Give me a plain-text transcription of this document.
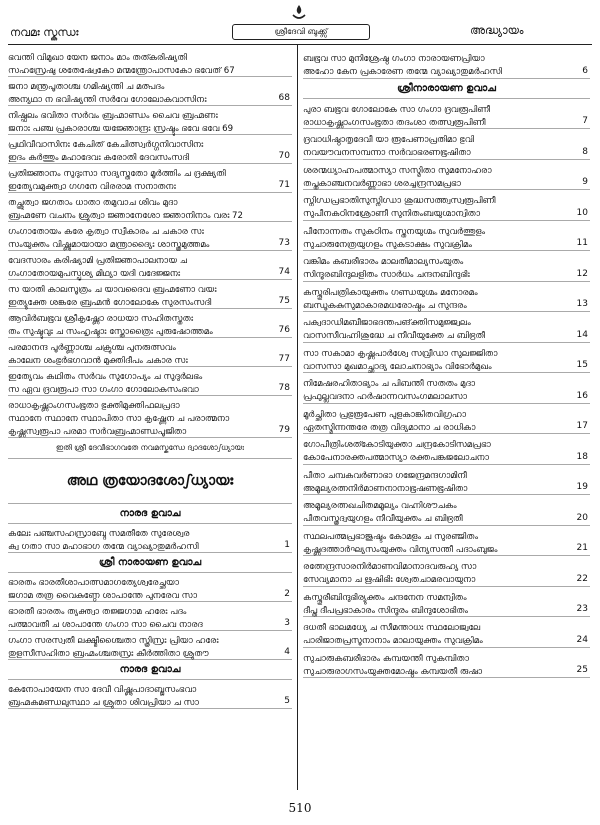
നവമഃ സ്കന്ധഃ	ശ്രീദേവി ബുക്ക്സ്	അദ്ധ്യായം
ഭവന്തി വിമുഖാ യേന ജനാം മാം തത്കരിഷ്യതി
സഹസ്രേഷു ശതേഷ്വേകോ മന്മന്ത്രോപാസകോ ഭവേത് 67
ജനാ മന്ത്രപൂതാശ്ച ഗമിഷ്യന്തി ച മത്പദം
അന്യഥാ ന ഭവിഷ്യന്തി സർവേ ഗോലോകവാസിനഃ	68
നിഷ്ഫലം ഭവിതാ സർവം ബ്രഹ്മാണ്ഡം ചൈവ ബ്രഹ്മണഃ
ജനാഃ പഞ്ച പ്രകാരാശ്ച യജ്ഞോന്ദ്രഃ സ്രഷ്ടും ഭവേ ഭവേ 69
പ്രഥിവീവാസിനഃ കേചിത് കേചിത്സ്വർഗ്ഗനിവാസിനഃ
ഇദം കർത്തും മഹാദേവഃ കരോതി ദേവസംസദി	70
പ്രതിജ്ഞാനം സുദുഃസാ സദ്യസ്തതോ മൂർത്തിം ച ദ്രക്ഷ്യതി
ഇത്യേവമുക്ത്വാ ഗഗനേ വിരരാമ സനാതനഃ	71
തച്ഛ്രുത്വാ ജഗതാം ധാതാ തമുവാച ശിവം മുദാ
ബ്രഹ്മണേ വചനം ശ്രുത്വാ ജ്ഞാനേശോ ജ്ഞാനിനാം വരഃ 72
ഗംഗാതോയം കരേ കൃത്വാ സ്വീകാരം ച ചകാര സഃ
സംയുക്തം വിഷ്ണുമായായാ മന്ത്രാദ്യൈഃ ശാസ്ത്രമുത്തമം	73
വേദസാരം കരിഷ്യാമി പ്രതിജ്ഞാപാലനായ ച
ഗംഗാതോയമുപസ്പൃശ്യ മിഥ്യാ യദി വദേജ്ജനഃ	74
സ യാതി കാലസൂത്രം ച യാവദൈവ ബ്രഹ്മണോ വയഃ
ഇത്യുക്തേ ശങ്കരേ ബ്രഹ്മൻ ഗോലോകേ സുരസംസദി	75
ആവിർബഭൂവ ശ്രീകൃഷ്ണോ രാധയാ സഹിതസ്തതഃ
തം സുഷ്ടുവുഃ ച സംഹൃഷ്ടാഃ സ്തോത്രൈഃ പുരുഷോത്തമം	76
പരമാനന്ദ പൂർണ്ണാശ്ച ചക്രുശ്ച പുനരുത്സവം
കാലേന ശംഭുർഭഗവാൻ മുക്തിദീപം ചകാര സഃ	77
ഇത്യേവം കഥിതം സർവം സുഗോപ്യം ച സുദുർലഭം
സ ഏവ ദ്രവരൂപാ സാ ഗംഗാ ഗോലോകസംഭവാ	78
രാധാകൃഷ്ണാംഗസംഭൂതാ ഭുക്തിമുക്തിഫലപ്രദാ
സ്ഥാനേ സ്ഥാനേ സ്ഥാപിതാ സാ കൃഷ്ണേന ച പരാത്മനാ
കൃഷ്ണസ്വരൂപാ പരമാ സർവബ്രഹ്മാണ്ഡപൂജിതാ	79
ഇതി ശ്രീ ദേവീഭാഗവതേ നവമസ്കന്ധേ ദ്വാദശോഽധ്യായഃ
അഥ ത്രയോദശോഽധ്യായഃ
നാരദ ഉവാച
കലേഃ പഞ്ചസഹസ്രാബ്ദേ സമതീതേ സുരേശ്വര
ക്വ ഗതാ സാ മഹാഭാഗ തന്മേ വ്യാഖ്യാതുമർഹസി	1
ശ്രീ നാരായണ ഉവാച
ഭാരതം ഭാരതീശാപാത്സമാഗത്യേശ്വരേച്ഛയാ
ജഗാമ തത്ര വൈകുണ്ഠേ ശാപാന്തേ പുനരേവ സാ	2
ഭാരതീ ഭാരതം ത്യക്ത്വാ തജ്ജഗാമ ഹരേഃ പദം
പത്മാവതീ ച ശാപാന്തേ ഗംഗാ സാ ചൈവ നാരദ	3
ഗംഗാ സരസ്വതീ ലക്ഷ്മീശ്ചൈതാ സ്ത്രിസ്രഃ പ്രിയാ ഹരേഃ
തുളസീസഹിതാ ബ്രഹ്മംശ്ചതസ്രഃ കീർത്തിതാ ശ്രുതൗ	4
നാരദ ഉവാച
കേനോപായേന സാ ദേവീ വിഷ്ണുപാദാബ്ജസംഭവാ
ബ്രഹ്മകമണ്ഡലുസ്ഥാ ച ശ്രുതാ ശിവപ്രിയാ ച സാ	5
ബഭൂവ സാ മുനിശ്രേഷ്ഠ ഗംഗാ നാരായണപ്രിയാ
അഹോ കേന പ്രകാരേണ തന്മേ വ്യാഖ്യാതുമർഹസി	6
ശ്രീനാരായണ ഉവാച
പുരാ ബഭൂവ ഗോലോകേ സാ ഗംഗാ ദ്രവരൂപിണീ
രാധാകൃഷ്ണാംഗസംഭൂതാ തദംശാ തത്സ്വരൂപിണീ	7
ദ്രവാധിഷ്ഠാതൃദേവീ യാ രൂപേണാപ്രതിമാ ഭുവി
നവയൗവനസമ്പന്നാ സർവാഭരണഭൂഷിതാ	8
ശരന്മധ്യാഹ്നപത്മാസ്യാ സസ്മിതാ സുമനോഹരാ
തപ്തകാഞ്ചനവർണ്ണാഭാ ശരച്ചന്ദ്രസമപ്രഭാ	9
സ്നിഗ്ധപ്രഭാതിസുസ്നിഗ്ധാ ശുദ്ധസത്ത്വസ്വരൂപിണീ
സുപീനകഠിനശ്രോണീ സുനിതംബയുഗ്മാന്വിതാ	10
പീനോന്നതം സുകഠിനം സ്തനയുഗ്മം സുവർത്തുളം
സുചാരുനേത്രയുഗളം സുകടാക്ഷം സുവക്രിമം	11
വങ്കിമം കബരീഭാരം മാലതീമാല്യസംയുതം
സിന്ദൂരബിന്ദുലളിതം സാർധം ചന്ദനബിന്ദുഭിഃ	12
കസ്തൂരിപത്രികായുക്തം ഗണ്ഡയുഗ്മം മനോരമം
ബന്ധൂകകുസുമാകാരമധരോഷ്ഠം ച സുന്ദരം	13
പക്വദാഡിമബീജാഭദന്തപങ്‌ക്തിസമുജ്ജ്വലം
വാസസീവഹ്നിശുദ്ധേ ച നീവീയുക്തേ ച ബിഭ്രതീ	14
സാ സകാമാ കൃഷ്ണപാർശ്വേ സവ്രീഡാ സുലജ്ജിതാ
വാസസാ മുഖമാച്ഛാദ്യ ലോചനാഭ്യാം വിഭോർമുഖം	15
നിമേഷരഹിതാഭ്യാം ച പിബന്തീ സതതം മുദാ
പ്രഫുല്ലവദനാ ഹർഷാന്നവസംഗമലാലസാ	16
മൂർച്ഛിതാ പ്രഭുരൂപേണ പുളകാങ്കിതവിഗ്രഹാ
ഏതസ്മിന്നന്തരേ തത്ര വിദ്യമാനാ ച രാധികാ	17
ഗോപീത്രിംശത്കോടിയുക്താ ചന്ദ്രകോടിസമപ്രഭാ
കോപേനാരക്തപത്മാസ്യാ രക്തപങ്കജലോചനാ	18
പീതാ ചമ്പകവർണാഭാ ഗജേന്ദ്രമന്ദഗാമിനീ
അമൂല്യരത്നനിർമാണനാനാഭൂഷണഭൂഷിതാ	19
അമൂല്യരത്നഖചിതമമൂല്യം വഹ്നിശൗചകം
പീതവസ്ത്രദ്വയുഗളം നീവീയുക്തം ച ബിഭ്രതീ	20
സ്ഥലപത്മപ്രഭാജുഷ്ടം കോമളം ച സുരഞ്ജിതം
കൃഷ്ണദത്താർഘ്യസംയുക്തം വിന്യസന്തീ പദാംബുജം	21
രത്നേന്ദ്രസാരനിർമാണവിമാനാദവരുഹ്യ സാ
സേവ്യമാനാ ച ഋഷിഭിഃ ശ്വേതചാമരവായുനാ	22
കസ്തൂരീബിന്ദുഭിര്യുക്തം ചന്ദനേന സമന്വിതം
ദീപ്ത ദീപപ്രഭാകാരം സിന്ദൂരം ബിന്ദുശോഭിതം	23
ദധതീ ഭാലമധ്യേ ച സീമന്താധഃ സ്ഥലോജ്വലേ
പാരിജാതപ്രസൂനാനാം മാലായുക്തം സുവക്രിമം	24
സുചാരുകബരീഭാരം കമ്പയന്തീ സുകമ്പിതാ
സുചാരുരാഗസംയുക്തമോഷ്ഠം കമ്പയതീ രുഷാ	25
510
